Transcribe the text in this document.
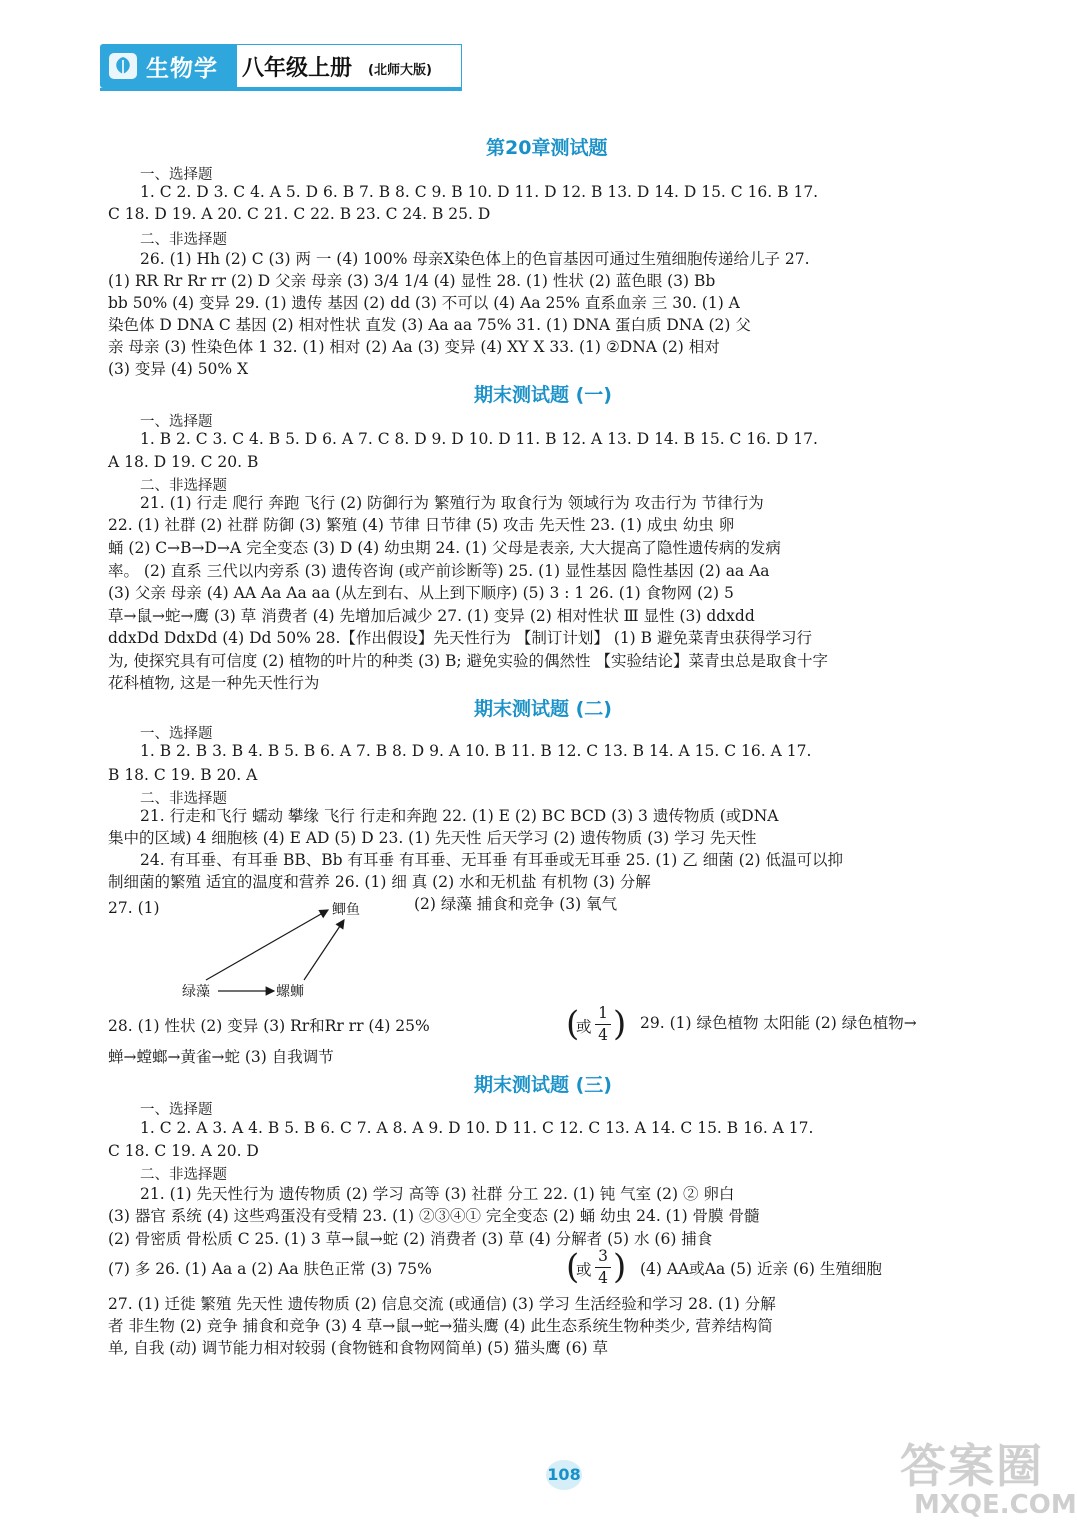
生物学 八年级上册 (北师大版)
第20章测试题
一、选择题
1. C 2. D 3. C 4. A 5. D 6. B 7. B 8. C 9. B 10. D 11. D 12. B 13. D 14. D 15. C 16. B 17.
C 18. D 19. A 20. C 21. C 22. B 23. C 24. B 25. D
二、非选择题
26. (1) Hh (2) C (3) 两 一 (4) 100% 母亲X染色体上的色盲基因可通过生殖细胞传递给儿子 27.
(1) RR Rr Rr rr (2) D 父亲 母亲 (3) 3/4 1/4 (4) 显性 28. (1) 性状 (2) 蓝色眼 (3) Bb
bb 50% (4) 变异 29. (1) 遗传 基因 (2) dd (3) 不可以 (4) Aa 25% 直系血亲 三 30. (1) A
染色体 D DNA C 基因 (2) 相对性状 直发 (3) Aa aa 75% 31. (1) DNA 蛋白质 DNA (2) 父
亲 母亲 (3) 性染色体 1 32. (1) 相对 (2) Aa (3) 变异 (4) XY X 33. (1) ②DNA (2) 相对
(3) 变异 (4) 50% X
期末测试题 (一)
一、选择题
1. B 2. C 3. C 4. B 5. D 6. A 7. C 8. D 9. D 10. D 11. B 12. A 13. D 14. B 15. C 16. D 17.
A 18. D 19. C 20. B
二、非选择题
21. (1) 行走 爬行 奔跑 飞行 (2) 防御行为 繁殖行为 取食行为 领域行为 攻击行为 节律行为
22. (1) 社群 (2) 社群 防御 (3) 繁殖 (4) 节律 日节律 (5) 攻击 先天性 23. (1) 成虫 幼虫 卵
蛹 (2) C→B→D→A 完全变态 (3) D (4) 幼虫期 24. (1) 父母是表亲, 大大提高了隐性遗传病的发病
率。 (2) 直系 三代以内旁系 (3) 遗传咨询 (或产前诊断等) 25. (1) 显性基因 隐性基因 (2) aa Aa
(3) 父亲 母亲 (4) AA Aa Aa aa (从左到右、从上到下顺序) (5) 3 : 1 26. (1) 食物网 (2) 5
草→鼠→蛇→鹰 (3) 草 消费者 (4) 先增加后减少 27. (1) 变异 (2) 相对性状 Ⅲ 显性 (3) ddxdd
ddxDd DdxDd (4) Dd 50% 28.【作出假设】先天性行为 【制订计划】 (1) B 避免菜青虫获得学习行
为, 使探究具有可信度 (2) 植物的叶片的种类 (3) B; 避免实验的偶然性 【实验结论】菜青虫总是取食十字
花科植物, 这是一种先天性行为
期末测试题 (二)
一、选择题
1. B 2. B 3. B 4. B 5. B 6. A 7. B 8. D 9. A 10. B 11. B 12. C 13. B 14. A 15. C 16. A 17.
B 18. C 19. B 20. A
二、非选择题
21. 行走和飞行 蠕动 攀缘 飞行 行走和奔跑 22. (1) E (2) BC BCD (3) 3 遗传物质 (或DNA
集中的区域) 4 细胞核 (4) E AD (5) D 23. (1) 先天性 后天学习 (2) 遗传物质 (3) 学习 先天性
24. 有耳垂、有耳垂 BB、Bb 有耳垂 有耳垂、无耳垂 有耳垂或无耳垂 25. (1) 乙 细菌 (2) 低温可以抑
制细菌的繁殖 适宜的温度和营养 26. (1) 细 真 (2) 水和无机盐 有机物 (3) 分解
27. (1)	(2) 绿藻 捕食和竞争 (3) 氧气
鲫鱼
绿藻	螺蛳
28. (1) 性状 (2) 变异 (3) Rr和Rr rr (4) 25%	(
或
1
4 ) 29. (1) 绿色植物 太阳能 (2) 绿色植物→
蝉→螳螂→黄雀→蛇 (3) 自我调节
期末测试题 (三)
一、选择题
1. C 2. A 3. A 4. B 5. B 6. C 7. A 8. A 9. D 10. D 11. C 12. C 13. A 14. C 15. B 16. A 17.
C 18. C 19. A 20. D
二、非选择题
21. (1) 先天性行为 遗传物质 (2) 学习 高等 (3) 社群 分工 22. (1) 钝 气室 (2) ② 卵白
(3) 器官 系统 (4) 这些鸡蛋没有受精 23. (1) ②③④① 完全变态 (2) 蛹 幼虫 24. (1) 骨膜 骨髓
(2) 骨密质 骨松质 C 25. (1) 3 草→鼠→蛇 (2) 消费者 (3) 草 (4) 分解者 (5) 水 (6) 捕食
(7) 多 26. (1) Aa a (2) Aa 肤色正常 (3) 75%	(
或
3
4 ) (4) AA或Aa (5) 近亲 (6) 生殖细胞
27. (1) 迁徙 繁殖 先天性 遗传物质 (2) 信息交流 (或通信) (3) 学习 生活经验和学习 28. (1) 分解
者 非生物 (2) 竞争 捕食和竞争 (3) 4 草→鼠→蛇→猫头鹰 (4) 此生态系统生物种类少, 营养结构简
单, 自我 (动) 调节能力相对较弱 (食物链和食物网简单) (5) 猫头鹰 (6) 草
108	答案圈
MXQE.COM
